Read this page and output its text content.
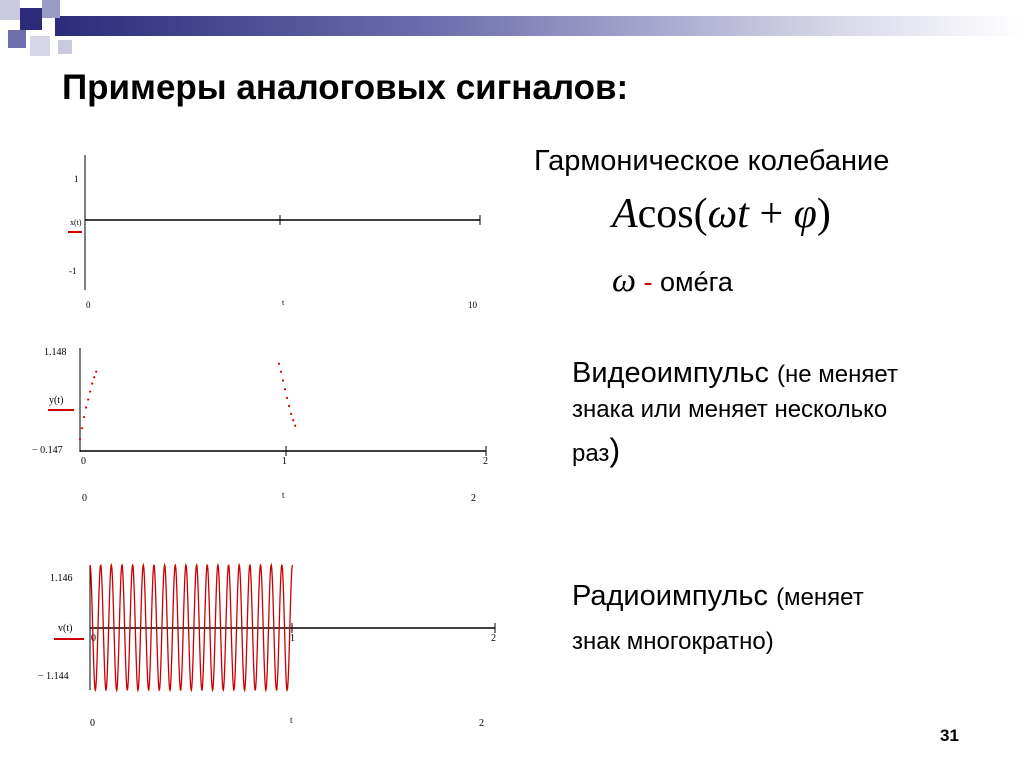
Примеры аналоговых сигналов:
Гармоническое колебание
Acos(ωt + φ)
ω - омéга
Видеоимпульс (не меняет
знака или меняет несколько
раз)
Радиоимпульс (меняет
знак многократно)
1
-1
x(t)
0	t	10
1.148
− 0.147
y(t)
0	1	2
0	t	2
1.146
− 1.144
v(t)
0	1	2
0	t	2
31
